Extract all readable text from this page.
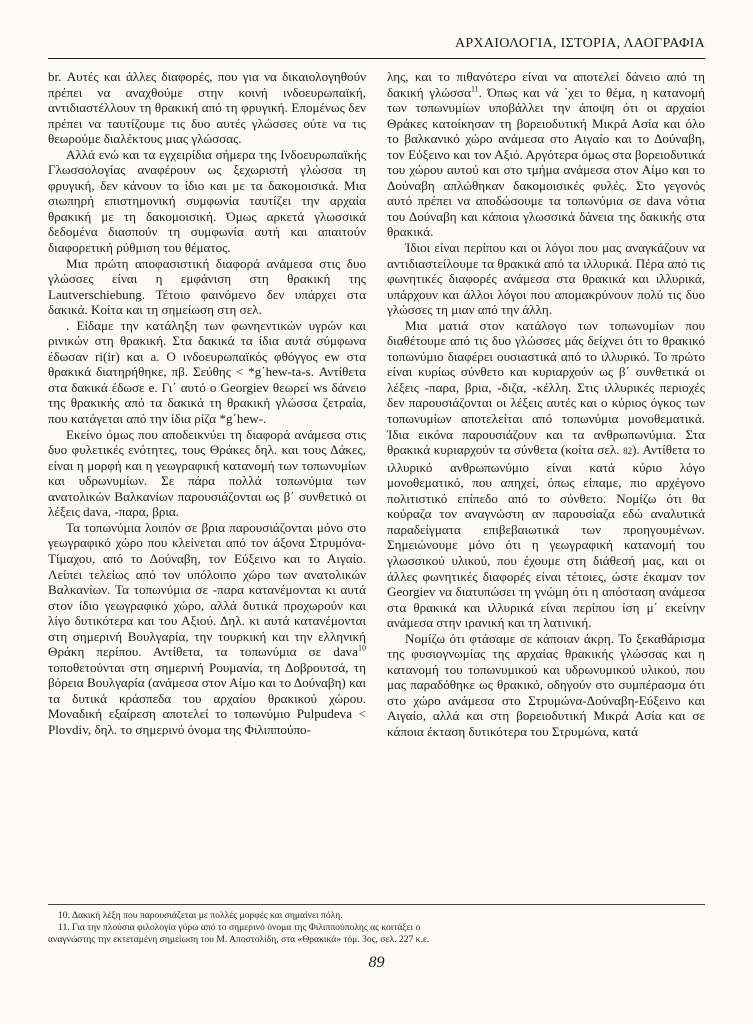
ΑΡΧΑΙΟΛΟΓΙΑ, ΙΣΤΟΡΙΑ, ΛΑΟΓΡΑΦΙΑ

br. Αυτές και άλλες διαφορές, που για να δικαιολογηθούν πρέπει να αναχθούμε στην κοινή ινδοευρωπαϊκή, αντιδιαστέλλουν τη θρακική από τη φρυγική. Επομένως δεν πρέπει να ταυτίζουμε τις δυο αυτές γλώσσες ούτε να τις θεωρούμε διαλέκτους μιας γλώσσας.

Αλλά ενώ και τα εγχειρίδια σήμερα της Ινδοευρωπαϊκής Γλωσσολογίας αναφέρουν ως ξεχωριστή γλώσσα τη φρυγική, δεν κάνουν το ίδιο και με τα δακομοισικά. Μια σιωπηρή επιστημονική συμφωνία ταυτίζει την αρχαία θρακική με τη δακομοισική. Όμως αρκετά γλωσσικά δεδομένα διασπούν τη συμφωνία αυτή και απαιτούν διαφορετική ρύθμιση του θέματος.

Μια πρώτη αποφασιστική διαφορά ανάμεσα στις δυο γλώσσες είναι η εμφάνιση στη θρακική της Lautverschiebung. Τέτοιο φαινόμενο δεν υπάρχει στα δακικά. Κοίτα και τη σημείωση στη σελ.

. Είδαμε την κατάληξη των φωνηεντικών υγρών και ρινικών στη θρακική. Στα δακικά τα ίδια αυτά σύμφωνα έδωσαν ri(ir) και a. Ο ινδοευρωπαϊκός φθόγγος ew στα θρακικά διατηρήθηκε, πβ. Σεύθης < *g΄hew-ta-s. Αντίθετα στα δακικά έδωσε e. Γι΄ αυτό ο Georgiev θεωρεί ws δάνειο της θρακικής από τα δακικά τη θρακική γλώσσα ζετραία, που κατάγεται από την ίδια ρίζα *g΄hew-.

Εκείνο όμως που αποδεικνύει τη διαφορά ανάμεσα στις δυο φυλετικές ενότητες, τους Θράκες δηλ. και τους Δάκες, είναι η μορφή και η γεωγραφική κατανομή των τοπωνυμίων και υδρωνυμίων. Σε πάρα πολλά τοπωνύμια των ανατολικών Βαλκανίων παρουσιάζονται ως β΄ συνθετικό οι λέξεις dava, -παρα, βρια.

Τα τοπωνύμια λοιπόν σε βρια παρουσιάζονται μόνο στο γεωγραφικό χώρο που κλείνεται από τον άξονα Στρυμόνα-Τίμαχου, από το Δούναβη, τον Εύξεινο και το Αιγαίο. Λείπει τελείως από τον υπόλοιπο χώρο των ανατολικών Βαλκανίων. Τα τοπωνύμια σε -παρα κατανέμονται κι αυτά στον ίδιο γεωγραφικό χώρο, αλλά δυτικά προχωρούν και λίγο δυτικότερα και του Αξιού. Δηλ. κι αυτά κατανέμονται στη σημερινή Βουλγαρία, την τουρκική και την ελληνική Θράκη περίπου. Αντίθετα, τα τοπωνύμια σε dava$^{10}$ τοποθετούνται στη σημερινή Ρουμανία, τη Δοβρουτσά, τη βόρεια Βουλγαρία (ανάμεσα στον Αίμο και το Δούναβη) και τα δυτικά κράσπεδα του αρχαίου θρακικού χώρου. Μοναδική εξαίρεση αποτελεί το τοπωνύμιο Pulpudeva < Plovdiv, δηλ. το σημερινό όνομα της Φιλιππούπο-

λης, και το πιθανότερο είναι να αποτελεί δάνειο από τη δακική γλώσσα$^{11}$. Όπως και νά ΄χει το θέμα, η κατανομή των τοπωνυμίων υποβάλλει την άποψη ότι οι αρχαίοι Θράκες κατοίκησαν τη βορειοδυτική Μικρά Ασία και όλο το βαλκανικό χώρο ανάμεσα στο Αιγαίο και το Δούναβη, τον Εύξεινο και τον Αξιό. Αργότερα όμως στα βορειοδυτικά του χώρου αυτού και στο τμήμα ανάμεσα στον Αίμο και το Δούναβη απλώθηκαν δακομοισικές φυλές. Στο γεγονός αυτό πρέπει να αποδώσουμε τα τοπωνύμια σε dava νότια του Δούναβη και κάποια γλωσσικά δάνεια της δακικής στα θρακικά.

Ίδιοι είναι περίπου και οι λόγοι που μας αναγκάζουν να αντιδιαστείλουμε τα θρακικά από τα ιλλυρικά. Πέρα από τις φωνητικές διαφορές ανάμεσα στα θρακικά και ιλλυρικά, υπάρχουν και άλλοι λόγοι που απομακρύνουν πολύ τις δυο γλώσσες τη μιαν από την άλλη.

Μια ματιά στον κατάλογο των τοπωνυμίων που διαθέτουμε από τις δυο γλώσσες μάς δείχνει ότι το θρακικό τοπωνύμιο διαφέρει ουσιαστικά από το ιλλυρικό. Το πρώτο είναι κυρίως σύνθετο και κυριαρχούν ως β΄ συνθετικά οι λέξεις -παρα, βρια, -διζα, -κέλλη. Στις ιλλυρικές περιοχές δεν παρουσιάζονται οι λέξεις αυτές και ο κύριος όγκος των τοπωνυμίων αποτελείται από τοπωνύμια μονοθεματικά. Ίδια εικόνα παρουσιάζουν και τα ανθρωπωνύμια. Στα θρακικά κυριαρχούν τα σύνθετα (κοίτα σελ. 82). Αντίθετα το ιλλυρικό ανθρωπωνύμιο είναι κατά κύριο λόγο μονοθεματικό, που απηχεί, όπως είπαμε, πιο αρχέγονο πολιτιστικό επίπεδο από το σύνθετο. Νομίζω ότι θα κούραζα τον αναγνώστη αν παρουσίαζα εδώ αναλυτικά παραδείγματα επιβεβαιωτικά των προηγουμένων. Σημειώνουμε μόνο ότι η γεωγραφική κατανομή του γλωσσικού υλικού, που έχουμε στη διάθεσή μας, και οι άλλες φωνητικές διαφορές είναι τέτοιες, ώστε έκαμαν τον Georgiev να διατυπώσει τη γνώμη ότι η απόσταση ανάμεσα στα θρακικά και ιλλυρικά είναι περίπου ίση μ΄ εκείνην ανάμεσα στην ιρανική και τη λατινική.

Νομίζω ότι φτάσαμε σε κάποιαν άκρη. Το ξεκαθάρισμα της φυσιογνωμίας της αρχαίας θρακικής γλώσσας και η κατανομή του τοπωνυμικού και υδρωνυμικού υλικού, που μας παραδόθηκε ως θρακικό, οδηγούν στο συμπέρασμα ότι στο χώρο ανάμεσα στο Στρυμώνα-Δούναβη-Εύξεινο και Αιγαίο, αλλά και στη βορειοδυτική Μικρά Ασία και σε κάποια έκταση δυτικότερα του Στρυμώνα, κατά

10. Δακική λέξη που παρουσιάζεται με πολλές μορφές και σημαίνει πόλη.

11. Για την πλούσια φιλολογία γύρω από το σημερινό όνομα της Φιλιππούπολης ας κοιτάξει ο

αναγνώστης την εκτεταμένη σημείωση του Μ. Αποστολίδη, στα «Θρακικά» τόμ. 3ος, σελ. 227 κ.ε.

89
